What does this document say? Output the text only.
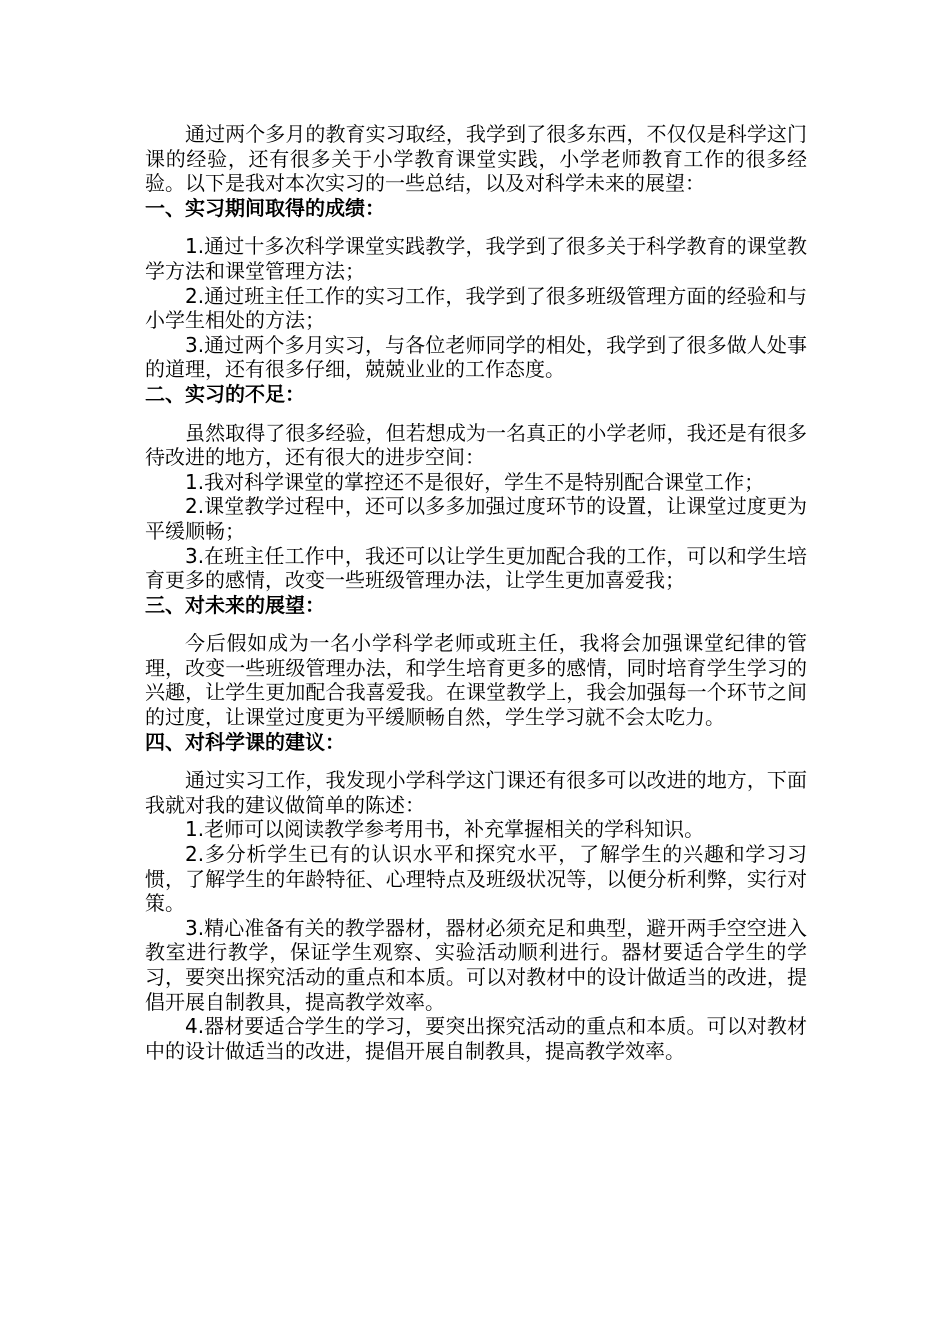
通过两个多月的教育实习取经，我学到了很多东西，不仅仅是科学这门课的经验，还有很多关于小学教育课堂实践，小学老师教育工作的很多经验。以下是我对本次实习的一些总结，以及对科学未来的展望：

一、实习期间取得的成绩：

1.通过十多次科学课堂实践教学，我学到了很多关于科学教育的课堂教学方法和课堂管理方法；

2.通过班主任工作的实习工作，我学到了很多班级管理方面的经验和与小学生相处的方法；

3.通过两个多月实习，与各位老师同学的相处，我学到了很多做人处事的道理，还有很多仔细，兢兢业业的工作态度。

二、实习的不足：

虽然取得了很多经验，但若想成为一名真正的小学老师，我还是有很多待改进的地方，还有很大的进步空间：

1.我对科学课堂的掌控还不是很好，学生不是特别配合课堂工作；

2.课堂教学过程中，还可以多多加强过度环节的设置，让课堂过度更为平缓顺畅；

3.在班主任工作中，我还可以让学生更加配合我的工作，可以和学生培育更多的感情，改变一些班级管理办法，让学生更加喜爱我；

三、对未来的展望：

今后假如成为一名小学科学老师或班主任，我将会加强课堂纪律的管理，改变一些班级管理办法，和学生培育更多的感情，同时培育学生学习的兴趣，让学生更加配合我喜爱我。在课堂教学上，我会加强每一个环节之间的过度，让课堂过度更为平缓顺畅自然，学生学习就不会太吃力。

四、对科学课的建议：

通过实习工作，我发现小学科学这门课还有很多可以改进的地方，下面我就对我的建议做简单的陈述：

1.老师可以阅读教学参考用书，补充掌握相关的学科知识。

2.多分析学生已有的认识水平和探究水平，了解学生的兴趣和学习习惯，了解学生的年龄特征、心理特点及班级状况等，以便分析利弊，实行对策。

3.精心准备有关的教学器材，器材必须充足和典型，避开两手空空进入教室进行教学，保证学生观察、实验活动顺利进行。器材要适合学生的学习，要突出探究活动的重点和本质。可以对教材中的设计做适当的改进，提倡开展自制教具，提高教学效率。

4.器材要适合学生的学习，要突出探究活动的重点和本质。可以对教材中的设计做适当的改进，提倡开展自制教具，提高教学效率。
